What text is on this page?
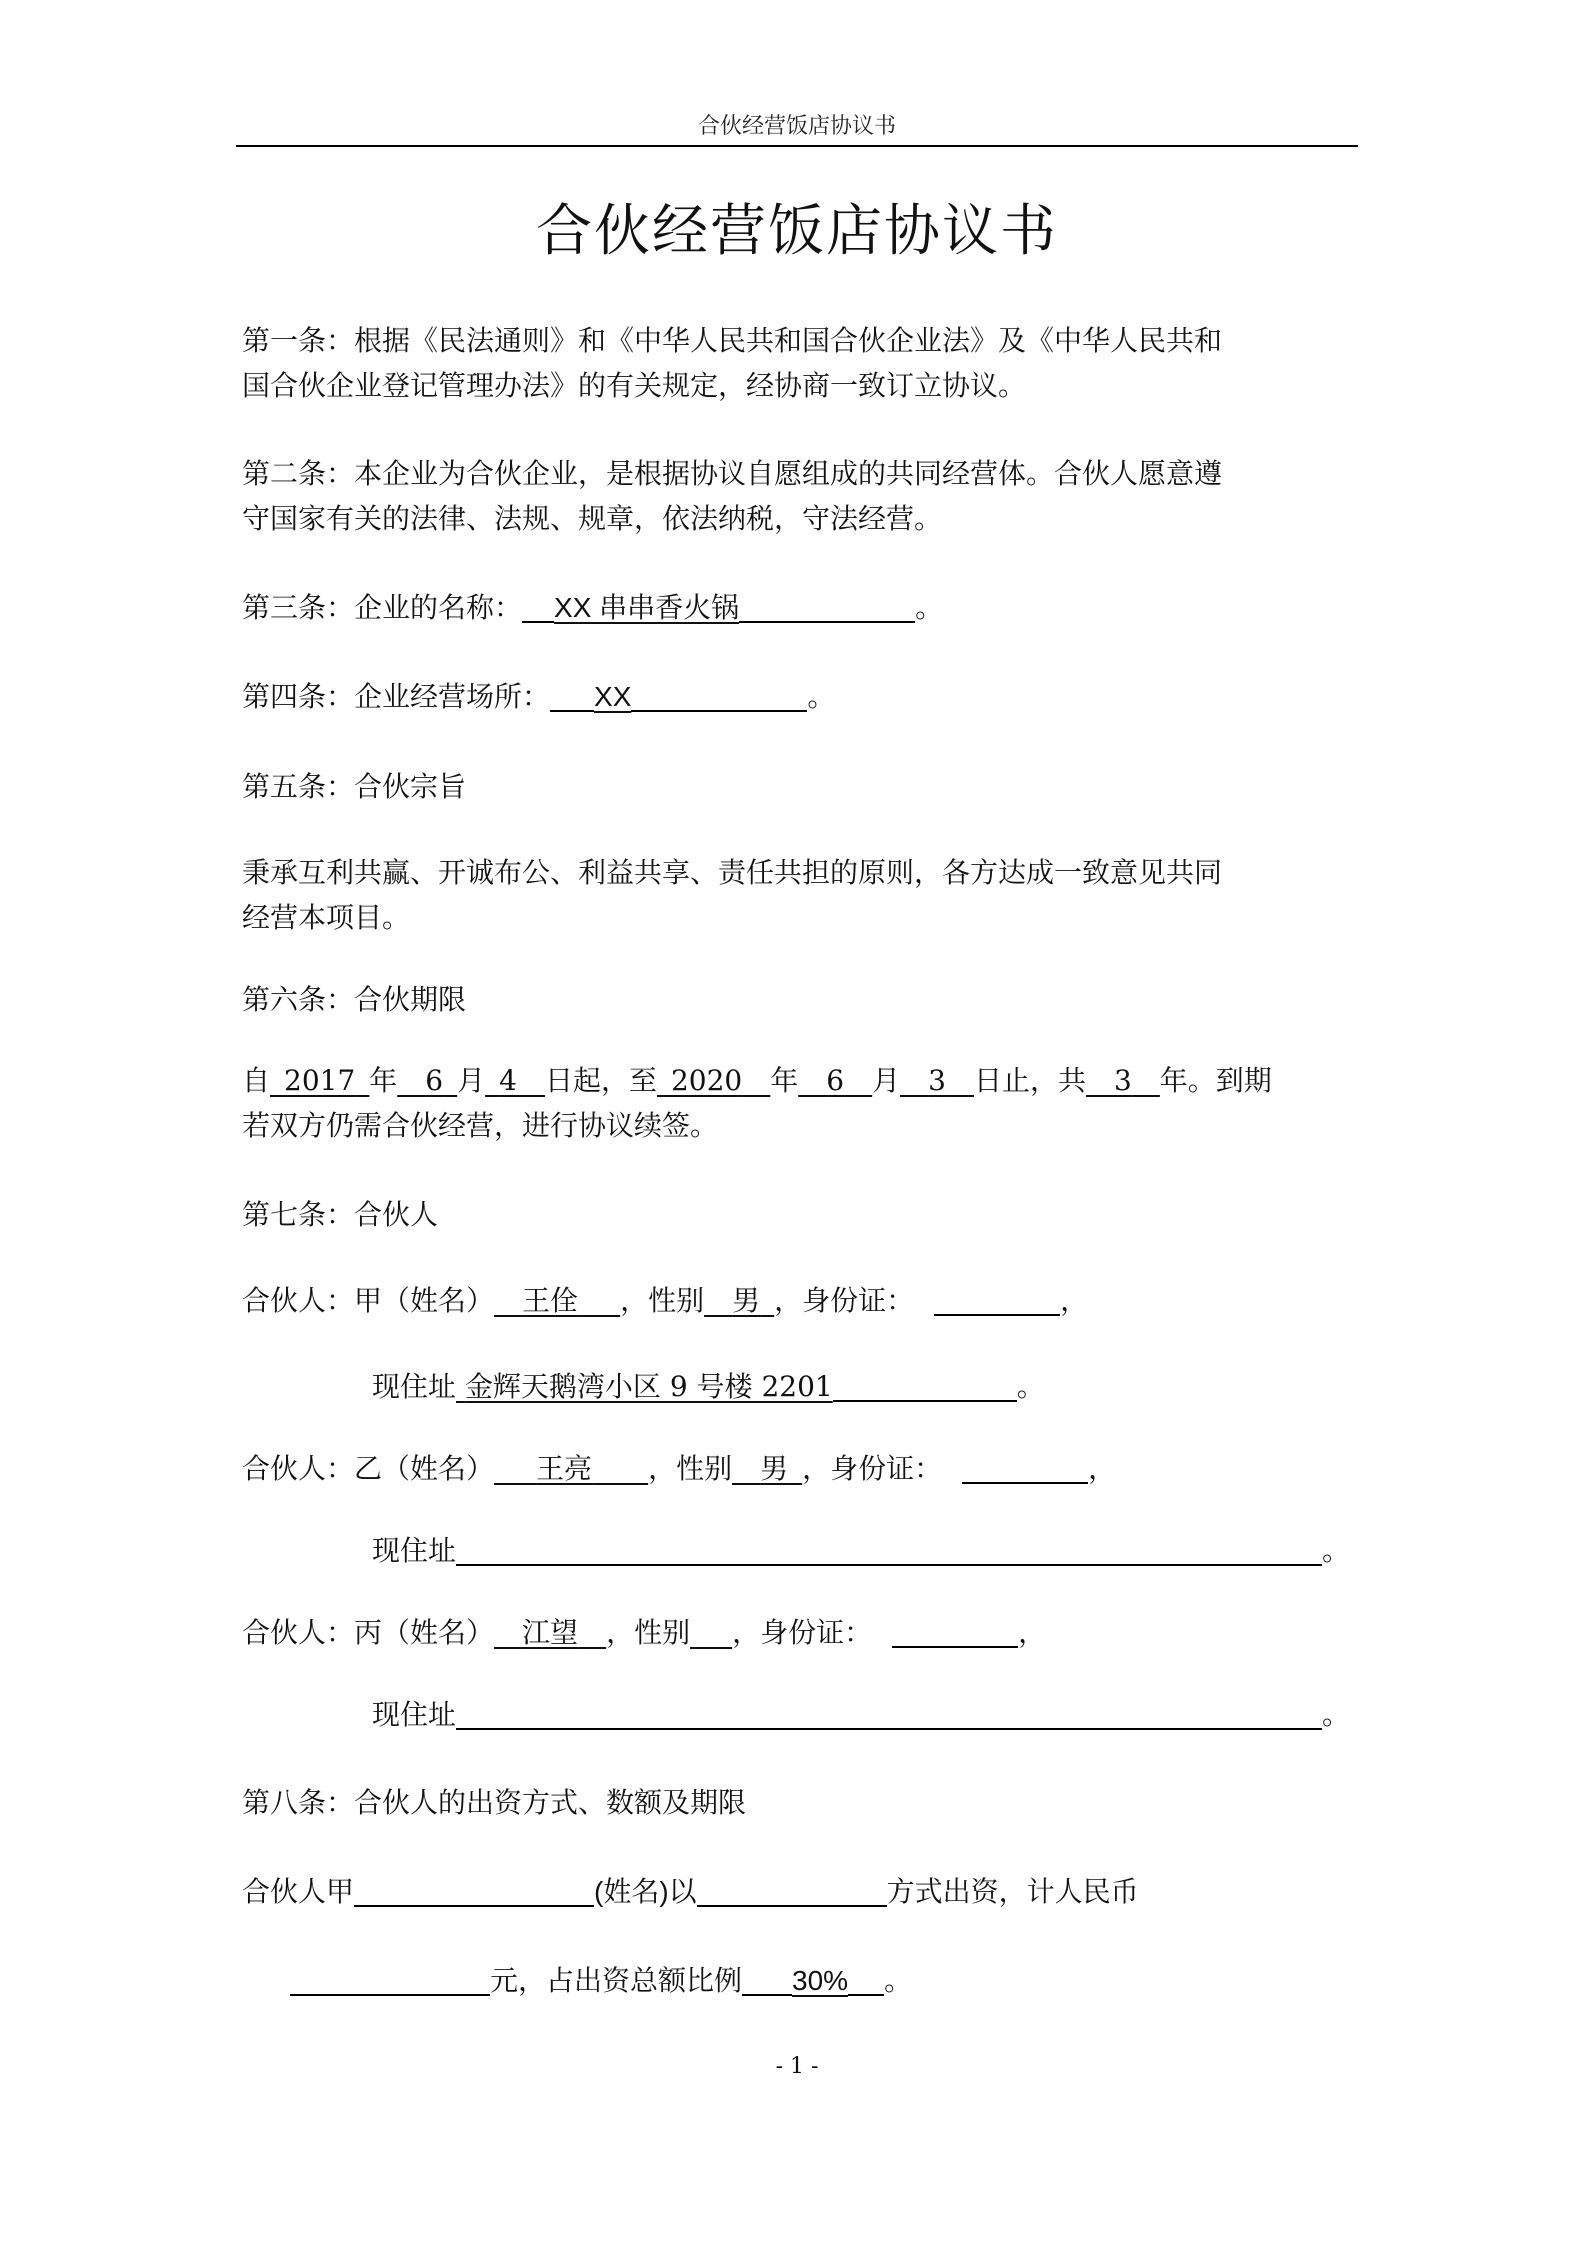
合伙经营饭店协议书
合伙经营饭店协议书
第一条：根据《民法通则》和《中华人民共和国合伙企业法》及《中华人民共和
国合伙企业登记管理办法》的有关规定，经协商一致订立协议。
第二条：本企业为合伙企业，是根据协议自愿组成的共同经营体。合伙人愿意遵
守国家有关的法律、法规、规章，依法纳税，守法经营。
第三条：企业的名称： XX 串串香火锅	。
第四条：企业经营场所： XX	。
第五条：合伙宗旨
秉承互利共赢、开诚布公、利益共享、责任共担的原则，各方达成一致意见共同
经营本项目。
第六条：合伙期限
自_2017_年__6_月_4__日起，至_2020__年__6__月__3__日止，共__3__年。到期
若双方仍需合伙经营，进行协议续签。
第七条：合伙人
合伙人：甲（姓名）__王佺___，性别__男_，身份证：	，
现住址 金辉天鹅湾小区 9 号楼 2201	。
合伙人：乙（姓名）___王亮____，性别__男_，身份证：	，
现住址	。
合伙人：丙（姓名）__江望__，性别___，身份证：	，
现住址	。
第八条：合伙人的出资方式、数额及期限
合伙人甲	(姓名)以	方式出资，计人民币
元，占出资总额比例 30% 。
- 1 -
